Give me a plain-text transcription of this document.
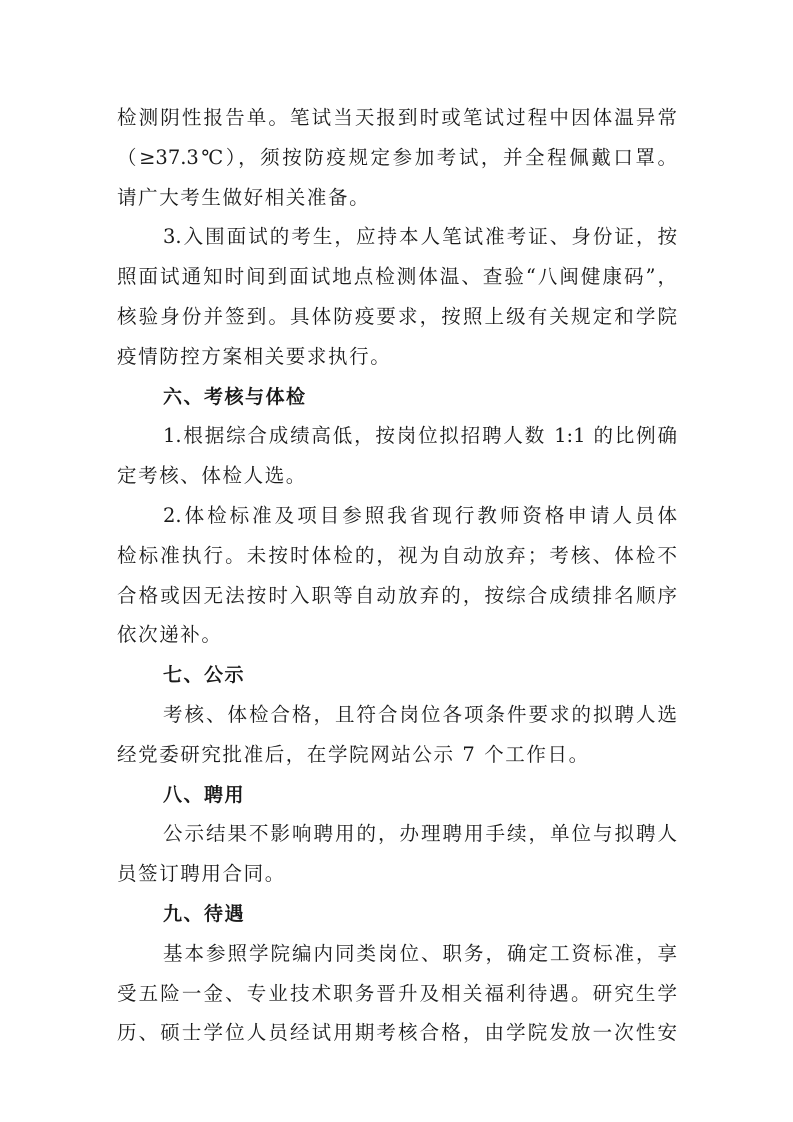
检测阴性报告单。笔试当天报到时或笔试过程中因体温异常
（≥37.3℃），须按防疫规定参加考试，并全程佩戴口罩。
请广大考生做好相关准备。
3.入围面试的考生，应持本人笔试准考证、身份证，按
照面试通知时间到面试地点检测体温、查验“八闽健康码”，
核验身份并签到。具体防疫要求，按照上级有关规定和学院
疫情防控方案相关要求执行。
六、考核与体检
1.根据综合成绩高低，按岗位拟招聘人数 1:1 的比例确
定考核、体检人选。
2.体检标准及项目参照我省现行教师资格申请人员体
检标准执行。未按时体检的，视为自动放弃；考核、体检不
合格或因无法按时入职等自动放弃的，按综合成绩排名顺序
依次递补。
七、公示
考核、体检合格，且符合岗位各项条件要求的拟聘人选
经党委研究批准后，在学院网站公示 7 个工作日。
八、聘用
公示结果不影响聘用的，办理聘用手续，单位与拟聘人
员签订聘用合同。
九、待遇
基本参照学院编内同类岗位、职务，确定工资标准，享
受五险一金、专业技术职务晋升及相关福利待遇。研究生学
历、硕士学位人员经试用期考核合格，由学院发放一次性安
